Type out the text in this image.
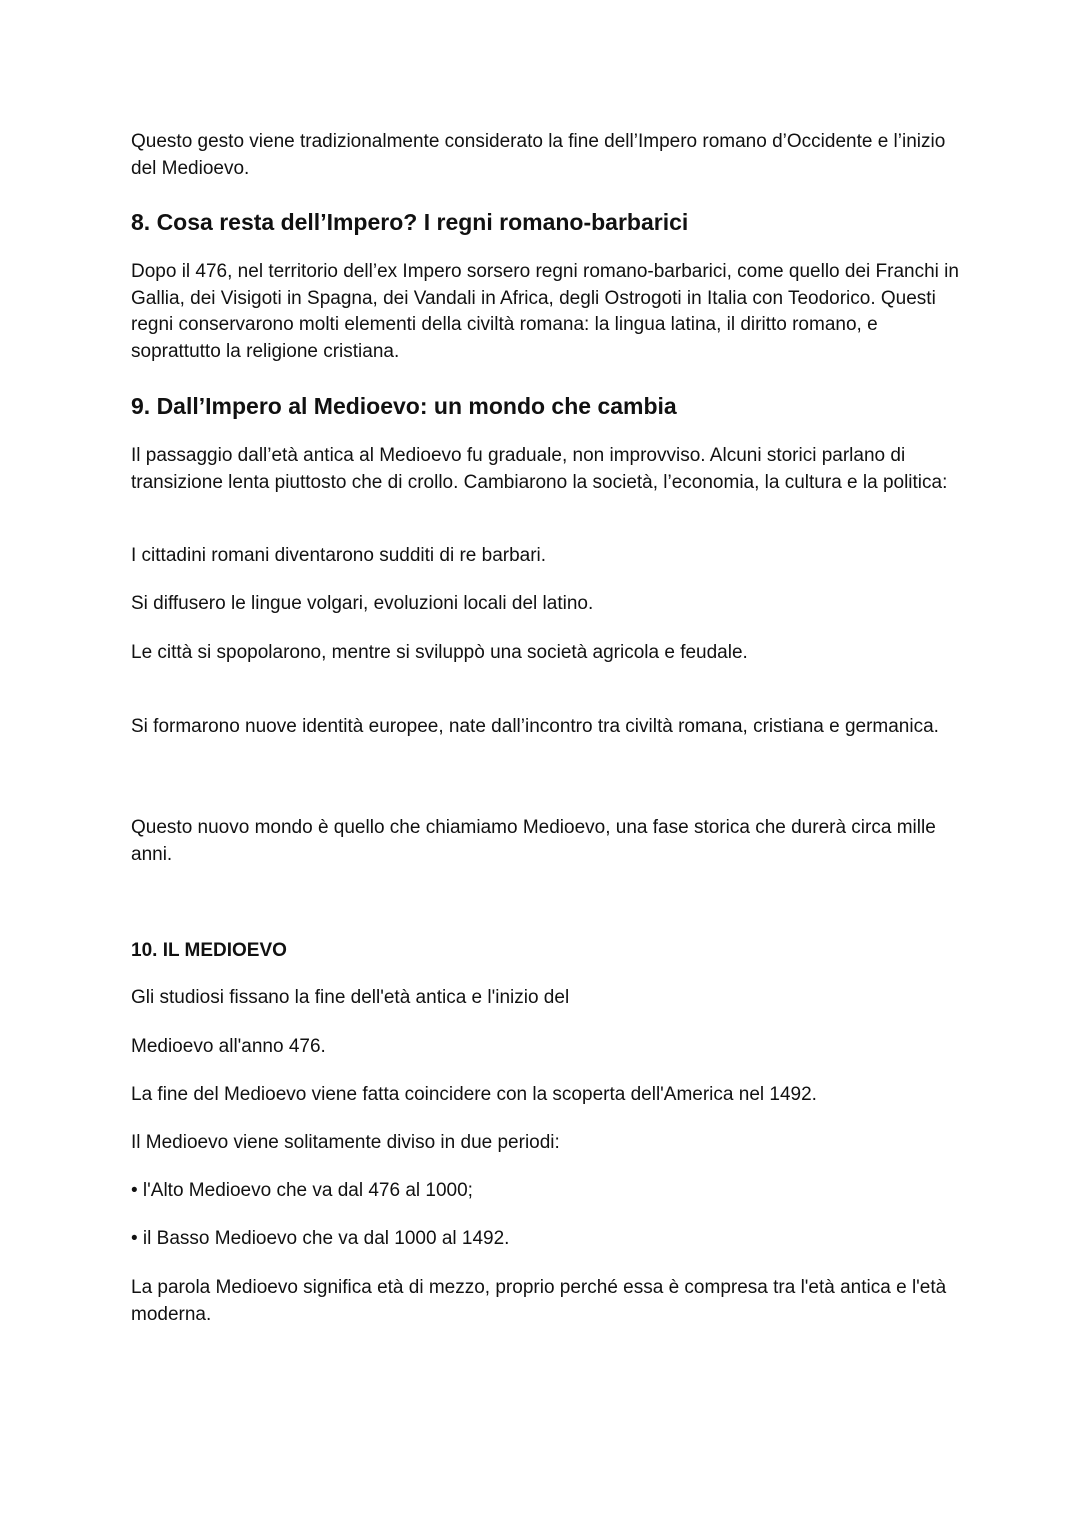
Questo gesto viene tradizionalmente considerato la fine dell’Impero romano d’Occidente e l’inizio del Medioevo.

8. Cosa resta dell’Impero? I regni romano-barbarici

Dopo il 476, nel territorio dell’ex Impero sorsero regni romano-barbarici, come quello dei Franchi in Gallia, dei Visigoti in Spagna, dei Vandali in Africa, degli Ostrogoti in Italia con Teodorico. Questi regni conservarono molti elementi della civiltà romana: la lingua latina, il diritto romano, e soprattutto la religione cristiana.

9. Dall’Impero al Medioevo: un mondo che cambia

Il passaggio dall’età antica al Medioevo fu graduale, non improvviso. Alcuni storici parlano di transizione lenta piuttosto che di crollo. Cambiarono la società, l’economia, la cultura e la politica:

I cittadini romani diventarono sudditi di re barbari.

Si diffusero le lingue volgari, evoluzioni locali del latino.

Le città si spopolarono, mentre si sviluppò una società agricola e feudale.

Si formarono nuove identità europee, nate dall’incontro tra civiltà romana, cristiana e germanica.

Questo nuovo mondo è quello che chiamiamo Medioevo, una fase storica che durerà circa mille anni.

10. IL MEDIOEVO

Gli studiosi fissano la fine dell'età antica e l'inizio del

Medioevo all'anno 476.

La fine del Medioevo viene fatta coincidere con la scoperta dell'America nel 1492.

Il Medioevo viene solitamente diviso in due periodi:

• l'Alto Medioevo che va dal 476 al 1000;

• il Basso Medioevo che va dal 1000 al 1492.

La parola Medioevo significa età di mezzo, proprio perché essa è compresa tra l'età antica e l'età moderna.
